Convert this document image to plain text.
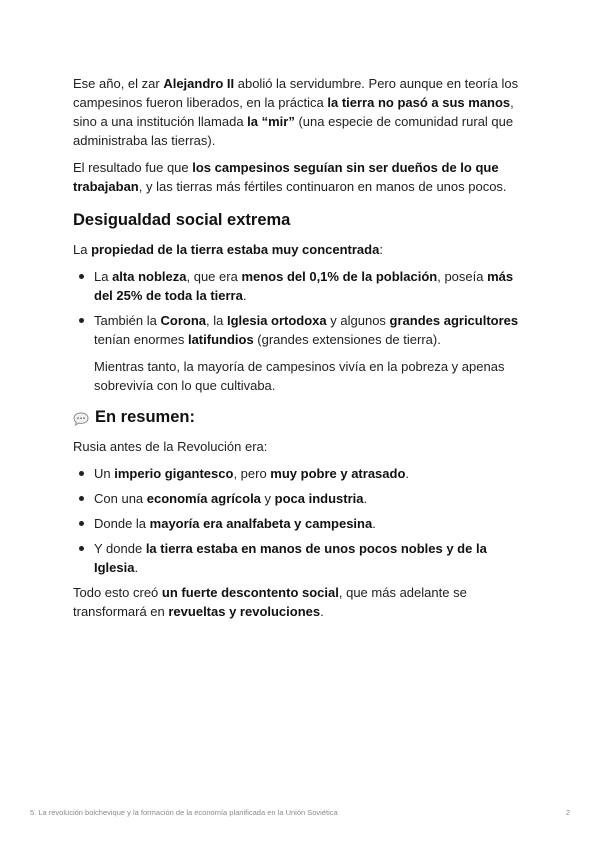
Ese año, el zar Alejandro II abolió la servidumbre. Pero aunque en teoría los campesinos fueron liberados, en la práctica la tierra no pasó a sus manos, sino a una institución llamada la “mir” (una especie de comunidad rural que administraba las tierras).

El resultado fue que los campesinos seguían sin ser dueños de lo que trabajaban, y las tierras más fértiles continuaron en manos de unos pocos.

Desigualdad social extrema

La propiedad de la tierra estaba muy concentrada:

La alta nobleza, que era menos del 0,1% de la población, poseía más del 25% de toda la tierra.
También la Corona, la Iglesia ortodoxa y algunos grandes agricultores tenían enormes latifundios (grandes extensiones de tierra).

Mientras tanto, la mayoría de campesinos vivía en la pobreza y apenas sobrevivía con lo que cultivaba.

En resumen:

Rusia antes de la Revolución era:

Un imperio gigantesco, pero muy pobre y atrasado.
Con una economía agrícola y poca industria.
Donde la mayoría era analfabeta y campesina.
Y donde la tierra estaba en manos de unos pocos nobles y de la Iglesia.

Todo esto creó un fuerte descontento social, que más adelante se transformará en revueltas y revoluciones.

5. La revolución bolchevique y la formación de la economía planificada en la Unión Soviética	2
